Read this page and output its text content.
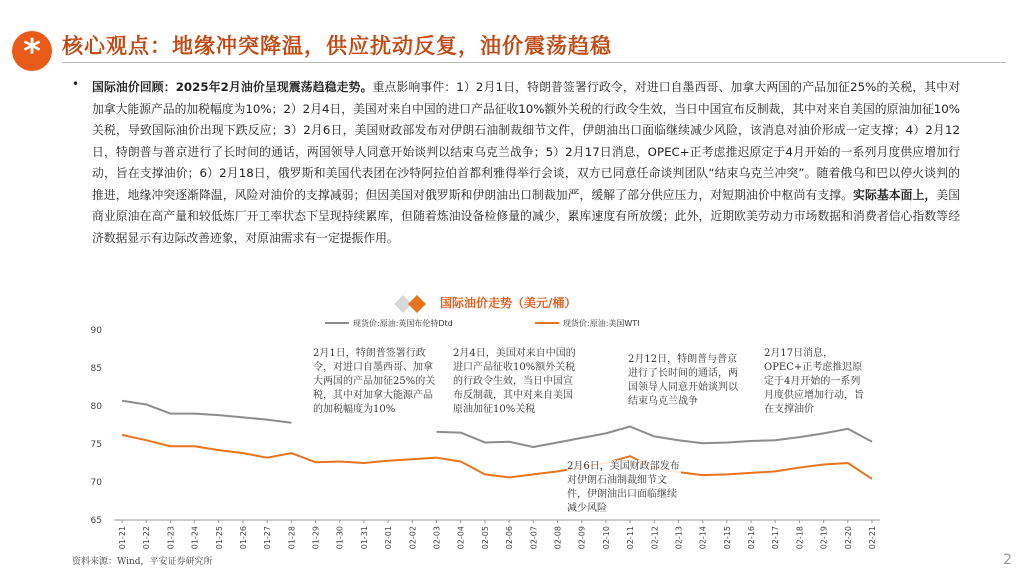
*	核心观点：地缘冲突降温，供应扰动反复，油价震荡趋稳
• 国际油价回顾：2025年2月油价呈现震荡趋稳走势。重点影响事件：1）2月1日，特朗普签署行政令，对进口自墨西哥、加拿大两国的产品加征25%的关税，其中对加拿大能源产品的加税幅度为10%；2）2月4日，美国对来自中国的进口产品征收10%额外关税的行政令生效，当日中国宣布反制裁，其中对来自美国的原油加征10%关税，导致国际油价出现下跌反应；3）2月6日，美国财政部发布对伊朗石油制裁细节文件，伊朗油出口面临继续减少风险，该消息对油价形成一定支撑；4）2月12日，特朗普与普京进行了长时间的通话，两国领导人同意开始谈判以结束乌克兰战争；5）2月17日消息，OPEC+正考虑推迟原定于4月开始的一系列月度供应增加行动，旨在支撑油价；6）2月18日，俄罗斯和美国代表团在沙特阿拉伯首都利雅得举行会谈，双方已同意任命谈判团队“结束乌克兰冲突”。随着俄乌和巴以停火谈判的推进，地缘冲突逐渐降温，风险对油价的支撑减弱；但因美国对俄罗斯和伊朗油出口制裁加严，缓解了部分供应压力，对短期油价中枢尚有支撑。实际基本面上，美国商业原油在高产量和较低炼厂开工率状态下呈现持续累库，但随着炼油设备检修量的减少，累库速度有所放缓；此外，近期欧美劳动力市场数据和消费者信心指数等经济数据显示有边际改善迹象，对原油需求有一定提振作用。
国际油价走势（美元/桶）
65
70
75
80
85
90
01-21 01-22 01-23 01-24 01-25 01-26 01-27 01-28 01-29 01-30 01-31 02-01 02-02 02-03 02-04 02-05 02-06 02-07 02-08 02-09 02-10 02-11 02-12 02-13 02-14 02-15 02-16 02-17 02-18 02-19 02-20 02-21
现货价:原油:英国布伦特Dtd	现货价:原油:美国WTI
2月1日，特朗普签署行政令，对进口自墨西哥、加拿大两国的产品加征25%的关税，其中对加拿大能源产品的加税幅度为10%
2月4日，美国对来自中国的进口产品征收10%额外关税的行政令生效，当日中国宣布反制裁，其中对来自美国原油加征10%关税
2月6日，美国财政部发布对伊朗石油制裁细节文件，伊朗油出口面临继续减少风险
2月12日，特朗普与普京进行了长时间的通话，两国领导人同意开始谈判以结束乌克兰战争
2月17日消息，OPEC+正考虑推迟原定于4月开始的一系列月度供应增加行动，旨在支撑油价
资料来源：Wind，平安证券研究所	2
